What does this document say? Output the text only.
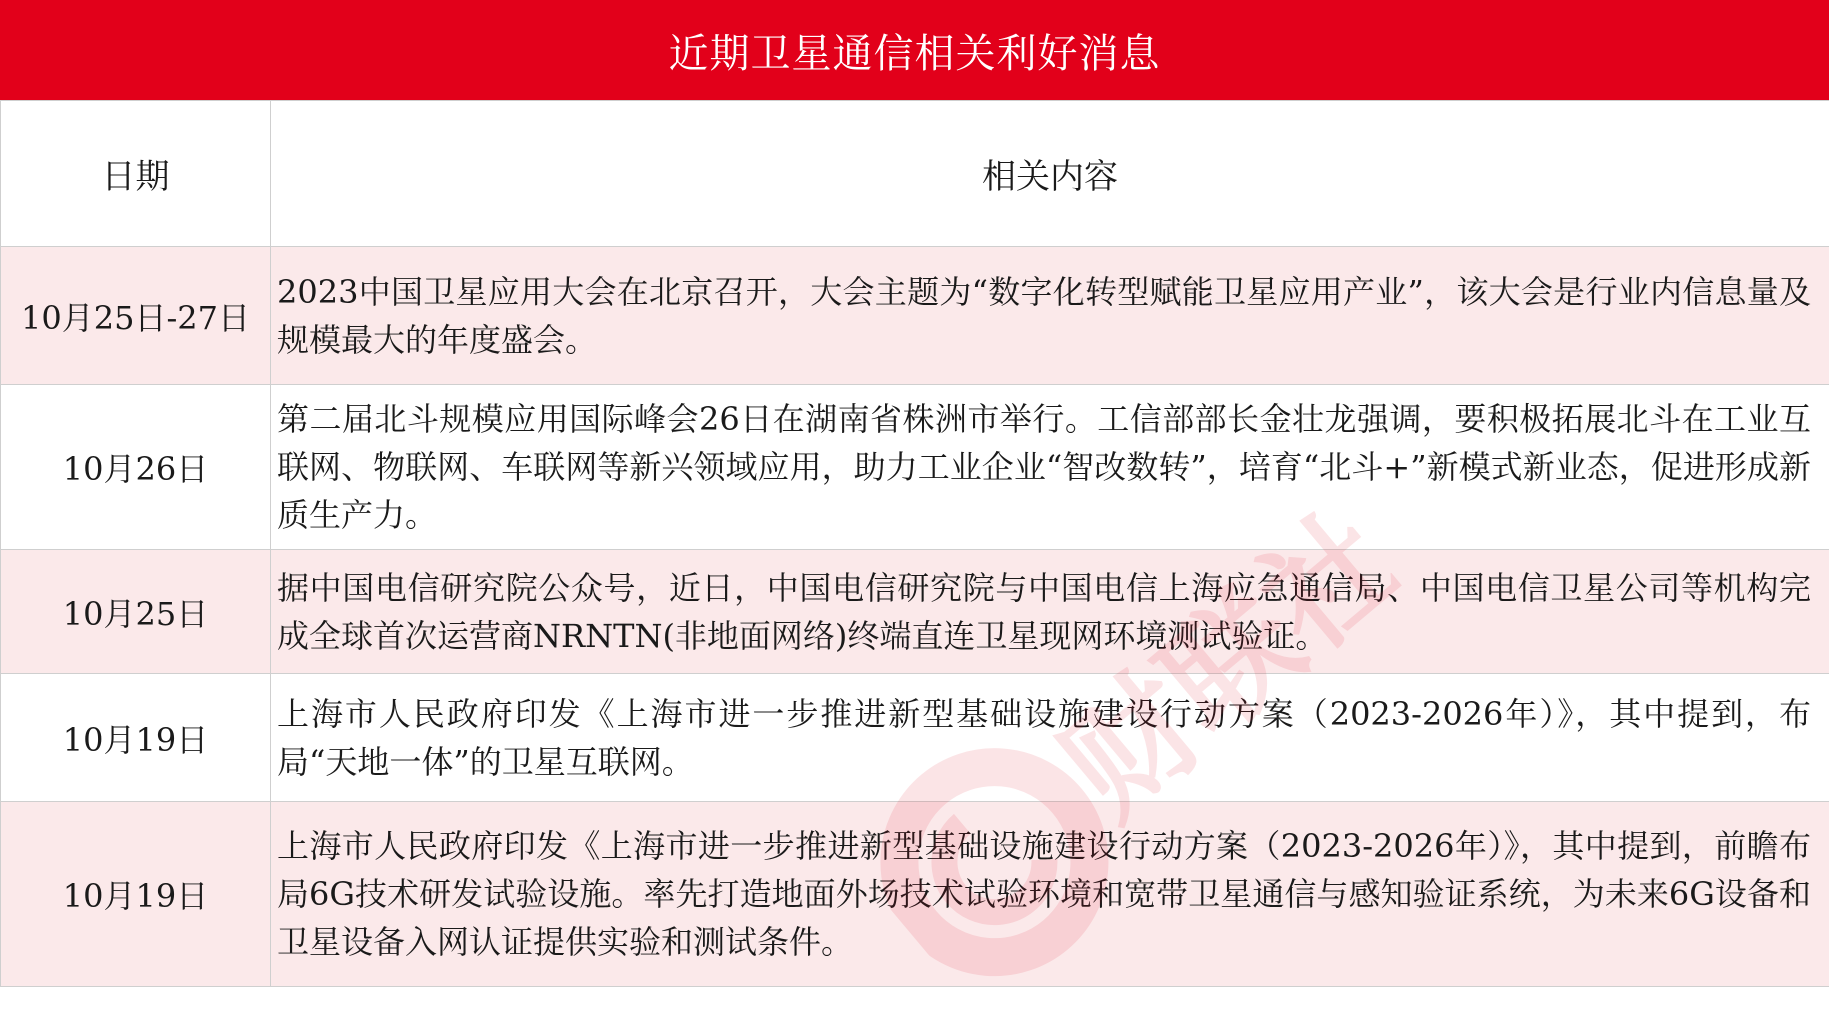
近期卫星通信相关利好消息
日期	相关内容
10月25日-27日	2023中国卫星应用大会在北京召开，大会主题为“数字化转型赋能卫星应用产业”，该大会是行业内信息量及规模最大的年度盛会。
10月26日	第二届北斗规模应用国际峰会26日在湖南省株洲市举行。工信部部长金壮龙强调，要积极拓展北斗在工业互联网、物联网、车联网等新兴领域应用，助力工业企业“智改数转”，培育“北斗+”新模式新业态，促进形成新质生产力。
10月25日	据中国电信研究院公众号，近日，中国电信研究院与中国电信上海应急通信局、中国电信卫星公司等机构完成全球首次运营商NRNTN(非地面网络)终端直连卫星现网环境测试验证。
10月19日	上海市人民政府印发《上海市进一步推进新型基础设施建设行动方案（2023-2026年）》，其中提到，布局“天地一体”的卫星互联网。
10月19日	上海市人民政府印发《上海市进一步推进新型基础设施建设行动方案（2023-2026年）》，其中提到，前瞻布局6G技术研发试验设施。率先打造地面外场技术试验环境和宽带卫星通信与感知验证系统，为未来6G设备和卫星设备入网认证提供实验和测试条件。
